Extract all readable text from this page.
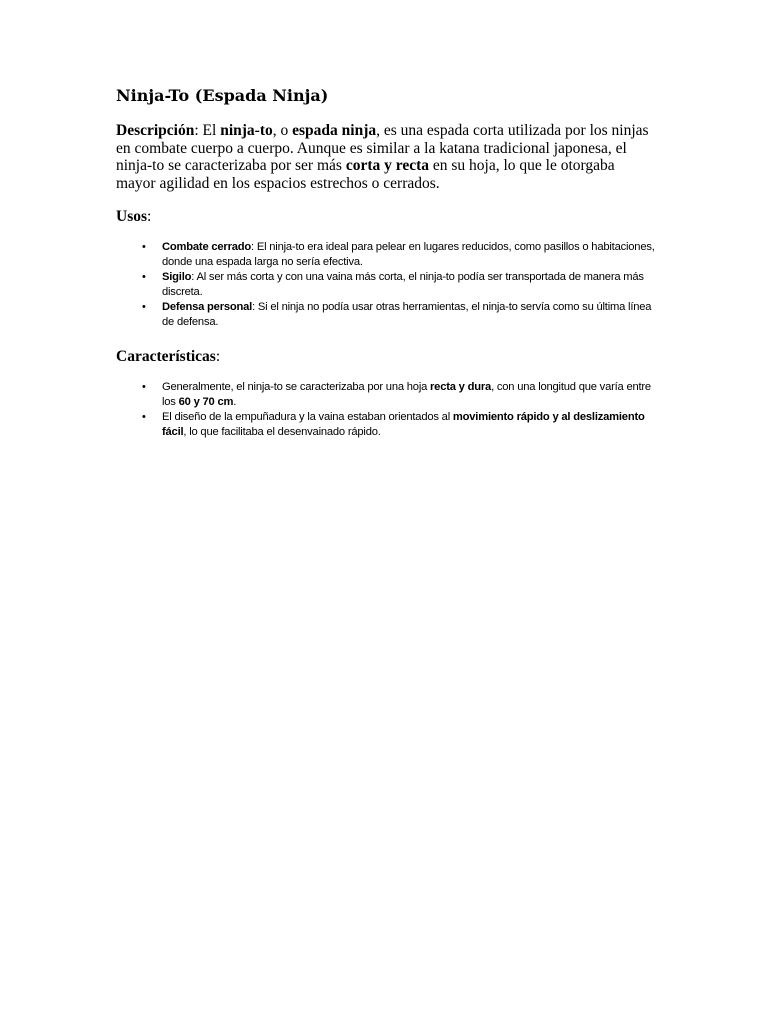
Ninja-To (Espada Ninja)

Descripción: El ninja-to, o espada ninja, es una espada corta utilizada por los ninjas en combate cuerpo a cuerpo. Aunque es similar a la katana tradicional japonesa, el ninja-to se caracterizaba por ser más corta y recta en su hoja, lo que le otorgaba mayor agilidad en los espacios estrechos o cerrados.

Usos:

• Combate cerrado: El ninja-to era ideal para pelear en lugares reducidos, como pasillos o habitaciones, donde una espada larga no sería efectiva.
• Sigilo: Al ser más corta y con una vaina más corta, el ninja-to podía ser transportada de manera más discreta.
• Defensa personal: Si el ninja no podía usar otras herramientas, el ninja-to servía como su última línea de defensa.

Características:

• Generalmente, el ninja-to se caracterizaba por una hoja recta y dura, con una longitud que varía entre los 60 y 70 cm.
• El diseño de la empuñadura y la vaina estaban orientados al movimiento rápido y al deslizamiento fácil, lo que facilitaba el desenvainado rápido.
